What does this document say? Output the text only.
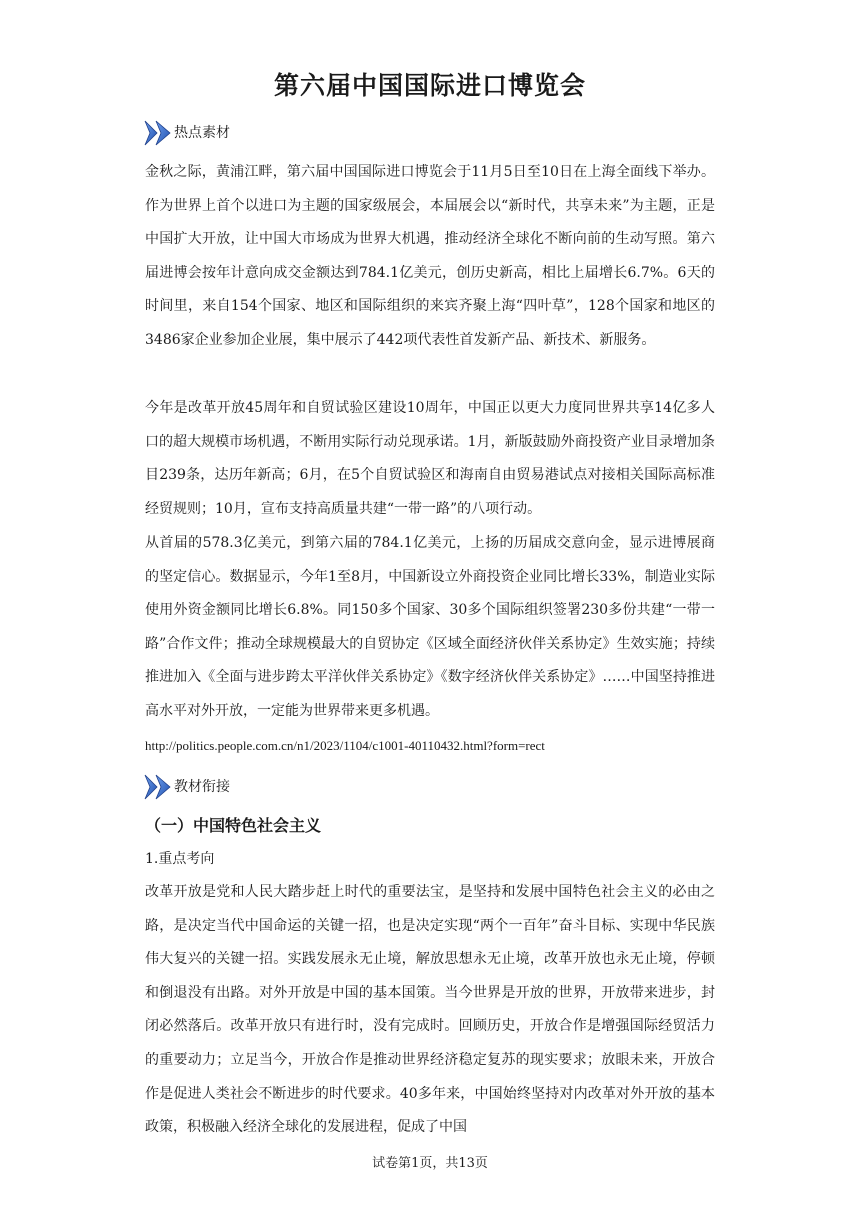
第六届中国国际进口博览会
热点素材

金秋之际，黄浦江畔，第六届中国国际进口博览会于11月5日至10日在上海全面线下举办。作为世界上首个以进口为主题的国家级展会，本届展会以“新时代，共享未来”为主题，正是中国扩大开放，让中国大市场成为世界大机遇，推动经济全球化不断向前的生动写照。第六届进博会按年计意向成交金额达到784.1亿美元，创历史新高，相比上届增长6.7%。6天的时间里，来自154个国家、地区和国际组织的来宾齐聚上海“四叶草”，128个国家和地区的3486家企业参加企业展，集中展示了442项代表性首发新产品、新技术、新服务。

今年是改革开放45周年和自贸试验区建设10周年，中国正以更大力度同世界共享14亿多人口的超大规模市场机遇，不断用实际行动兑现承诺。1月，新版鼓励外商投资产业目录增加条目239条，达历年新高；6月，在5个自贸试验区和海南自由贸易港试点对接相关国际高标准经贸规则；10月，宣布支持高质量共建“一带一路”的八项行动。

从首届的578.3亿美元，到第六届的784.1亿美元，上扬的历届成交意向金，显示进博展商的坚定信心。数据显示，今年1至8月，中国新设立外商投资企业同比增长33%，制造业实际使用外资金额同比增长6.8%。同150多个国家、30多个国际组织签署230多份共建“一带一路”合作文件；推动全球规模最大的自贸协定《区域全面经济伙伴关系协定》生效实施；持续推进加入《全面与进步跨太平洋伙伴关系协定》《数字经济伙伴关系协定》……中国坚持推进高水平对外开放，一定能为世界带来更多机遇。

http://politics.people.com.cn/n1/2023/1104/c1001-40110432.html?form=rect
教材衔接
（一）中国特色社会主义
1.重点考向

改革开放是党和人民大踏步赶上时代的重要法宝，是坚持和发展中国特色社会主义的必由之路，是决定当代中国命运的关键一招，也是决定实现“两个一百年”奋斗目标、实现中华民族伟大复兴的关键一招。实践发展永无止境，解放思想永无止境，改革开放也永无止境，停顿和倒退没有出路。对外开放是中国的基本国策。当今世界是开放的世界，开放带来进步，封闭必然落后。改革开放只有进行时，没有完成时。回顾历史，开放合作是增强国际经贸活力的重要动力；立足当今，开放合作是推动世界经济稳定复苏的现实要求；放眼未来，开放合作是促进人类社会不断进步的时代要求。40多年来，中国始终坚持对内改革对外开放的基本政策，积极融入经济全球化的发展进程，促成了中国

试卷第1页，共13页
